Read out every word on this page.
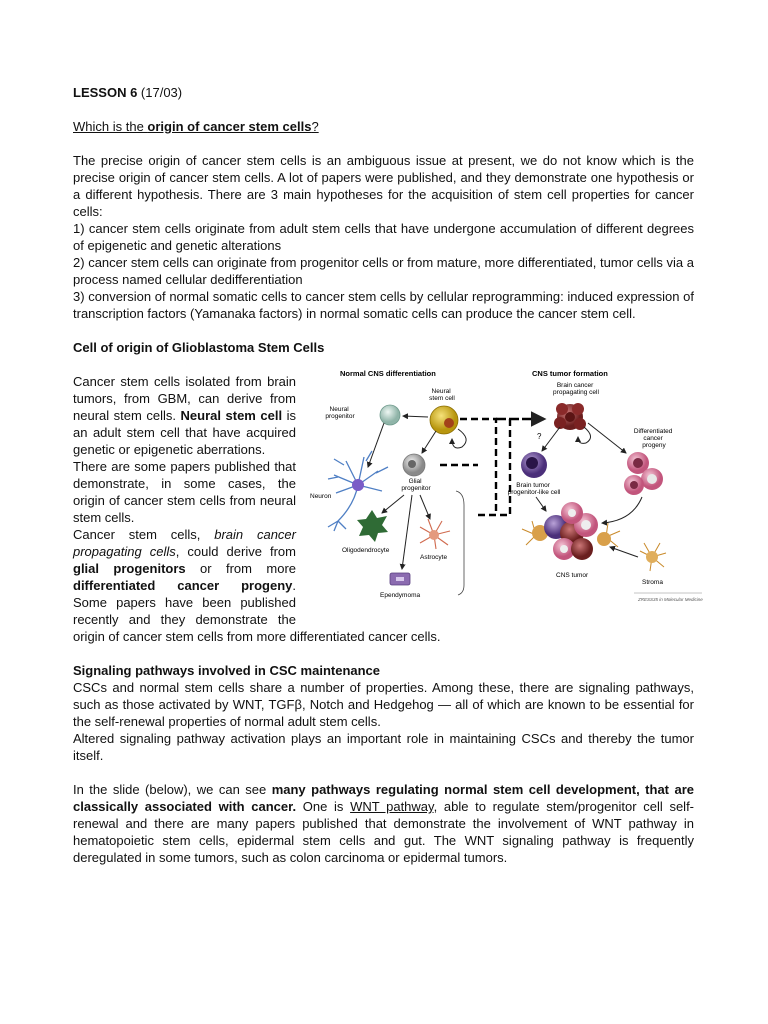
LESSON 6 (17/03)

Which is the origin of cancer stem cells?

The precise origin of cancer stem cells is an ambiguous issue at present, we do not know which is the precise origin of cancer stem cells. A lot of papers were published, and they demonstrate one hypothesis or a different hypothesis. There are 3 main hypotheses for the acquisition of stem cell properties for cancer cells:

1) cancer stem cells originate from adult stem cells that have undergone accumulation of different degrees of epigenetic and genetic alterations

2) cancer stem cells can originate from progenitor cells or from mature, more differentiated, tumor cells via a process named cellular dedifferentiation

3) conversion of normal somatic cells to cancer stem cells by cellular reprogramming: induced expression of transcription factors (Yamanaka factors) in normal somatic cells can produce the cancer stem cell.

Cell of origin of Glioblastoma Stem Cells

Normal CNS differentiation	CNS tumor formation
Neural stem cell
Neural progenitor
Neuron
Glial progenitor
Oligodendrocyte
Astrocyte
Ependymoma
Brain cancer propagating cell
?
Differentiated cancer progeny
Brain tumor progenitor-like cell
CNS tumor
Stroma
ZRESS35 in Molecular Medicine

Cancer stem cells isolated from brain tumors, from GBM, can derive from neural stem cells. Neural stem cell is an adult stem cell that have acquired genetic or epigenetic aberrations.

There are some papers published that demonstrate, in some cases, the origin of cancer stem cells from neural stem cells.

Cancer stem cells, brain cancer propagating cells, could derive from glial progenitors or from more differentiated cancer progeny. Some papers have been published recently and they demonstrate the origin of cancer stem cells from more differentiated cancer cells.

Signaling pathways involved in CSC maintenance

CSCs and normal stem cells share a number of properties. Among these, there are signaling pathways, such as those activated by WNT, TGFβ, Notch and Hedgehog — all of which are known to be essential for the self-renewal properties of normal adult stem cells.

Altered signaling pathway activation plays an important role in maintaining CSCs and thereby the tumor itself.

In the slide (below), we can see many pathways regulating normal stem cell development, that are classically associated with cancer. One is WNT pathway, able to regulate stem/progenitor cell self-renewal and there are many papers published that demonstrate the involvement of WNT pathway in hematopoietic stem cells, epidermal stem cells and gut. The WNT signaling pathway is frequently deregulated in some tumors, such as colon carcinoma or epidermal tumors.
